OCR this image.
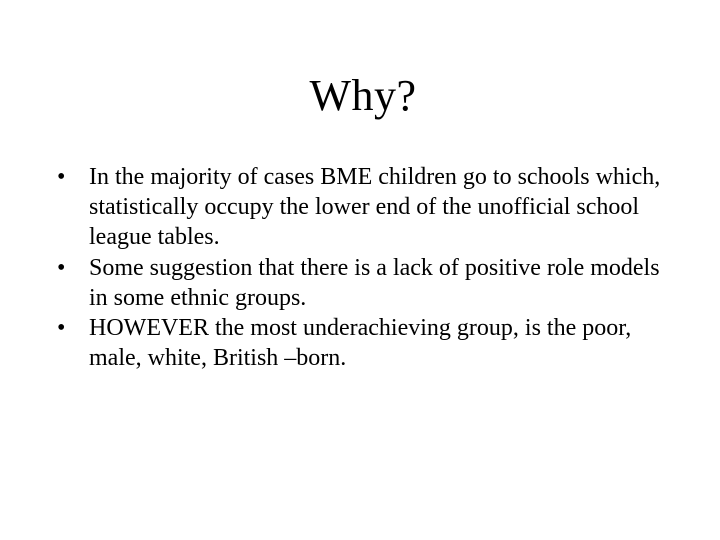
Why?
• In the majority of cases BME children go to schools which, statistically occupy the lower end of the unofficial school league tables.
• Some suggestion that there is a lack of positive role models in some ethnic groups.
• HOWEVER the most underachieving group, is the poor, male, white, British –born.
